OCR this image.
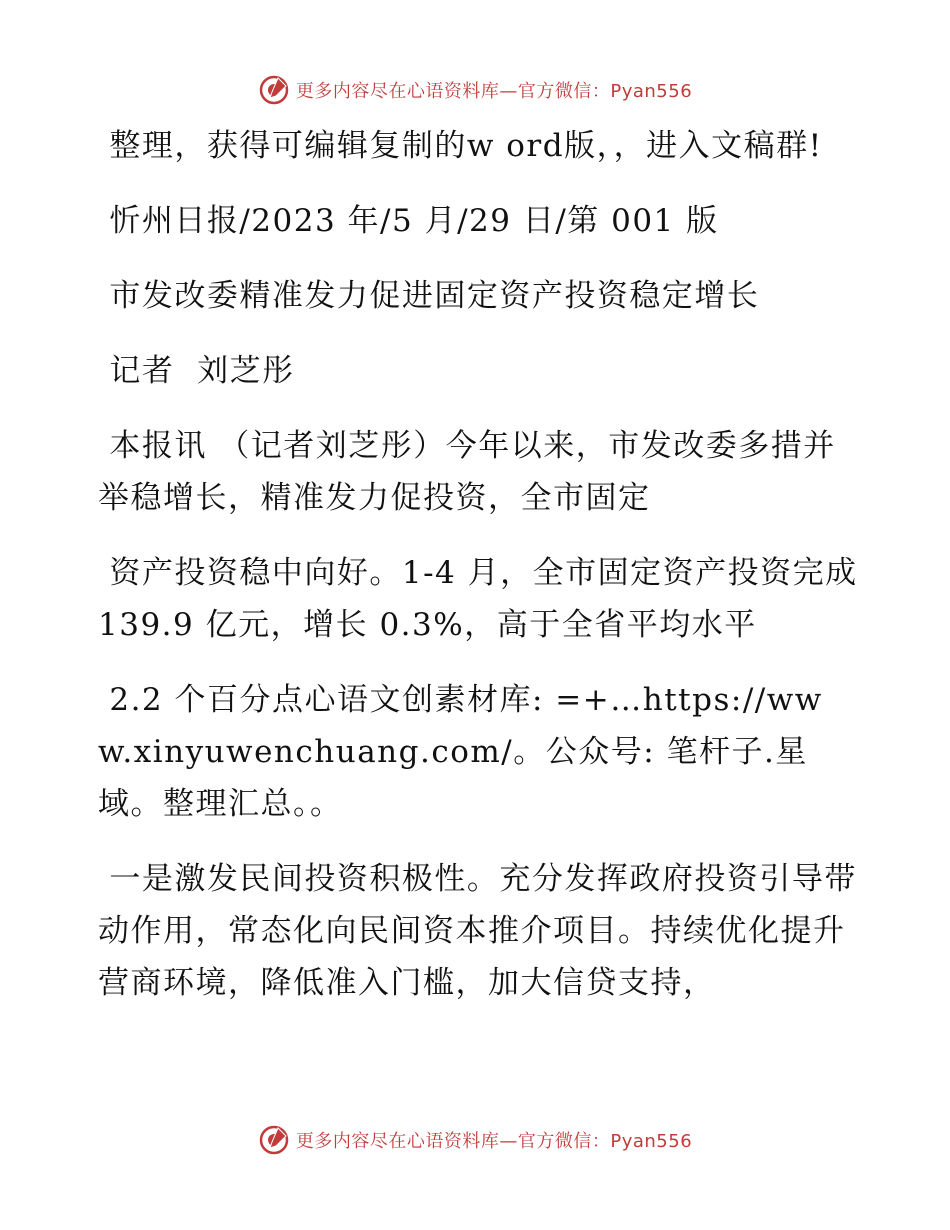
更多内容尽在心语资料库—官方微信：Pyan556

整理，获得可编辑复制的w ord版，，进入文稿群!

忻州日报/2023 年/5 月/29 日/第 001 版

市发改委精准发力促进固定资产投资稳定增长

记者  刘芝彤

本报讯 （记者刘芝彤）今年以来，市发改委多措并举稳增长，精准发力促投资，全市固定

资产投资稳中向好。1-4 月，全市固定资产投资完成 139.9 亿元，增长 0.3%，高于全省平均水平

2.2 个百分点心语文创素材库: =+…https://www.xinyuwenchuang.com/。公众号: 笔杆子.星域。整理汇总。。

一是激发民间投资积极性。充分发挥政府投资引导带动作用，常态化向民间资本推介项目。持续优化提升营商环境，降低准入门槛，加大信贷支持，

更多内容尽在心语资料库—官方微信：Pyan556
